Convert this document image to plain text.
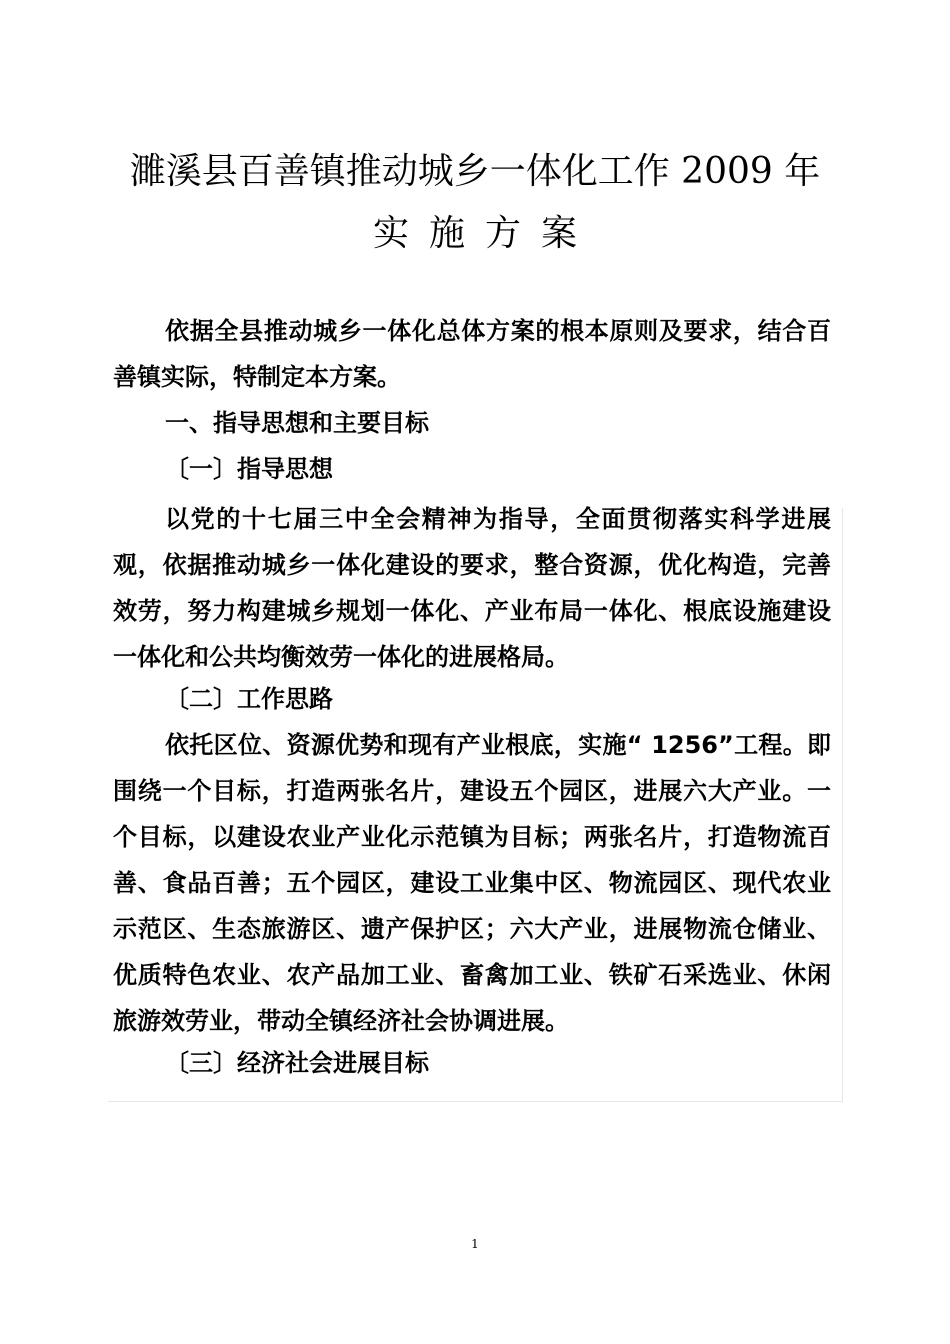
濉溪县百善镇推动城乡一体化工作 2009 年
实施方案

依据全县推动城乡一体化总体方案的根本原则及要求，结合百善镇实际，特制定本方案。

一、指导思想和主要目标

〔一〕指导思想

以党的十七届三中全会精神为指导，全面贯彻落实科学进展观，依据推动城乡一体化建设的要求，整合资源，优化构造，完善效劳，努力构建城乡规划一体化、产业布局一体化、根底设施建设一体化和公共均衡效劳一体化的进展格局。

〔二〕工作思路

依托区位、资源优势和现有产业根底，实施“ 1256”工程。即围绕一个目标，打造两张名片，建设五个园区，进展六大产业。一个目标，以建设农业产业化示范镇为目标；两张名片，打造物流百善、食品百善；五个园区，建设工业集中区、物流园区、现代农业示范区、生态旅游区、遗产保护区；六大产业，进展物流仓储业、优质特色农业、农产品加工业、畜禽加工业、铁矿石采选业、休闲旅游效劳业，带动全镇经济社会协调进展。

〔三〕经济社会进展目标

1
